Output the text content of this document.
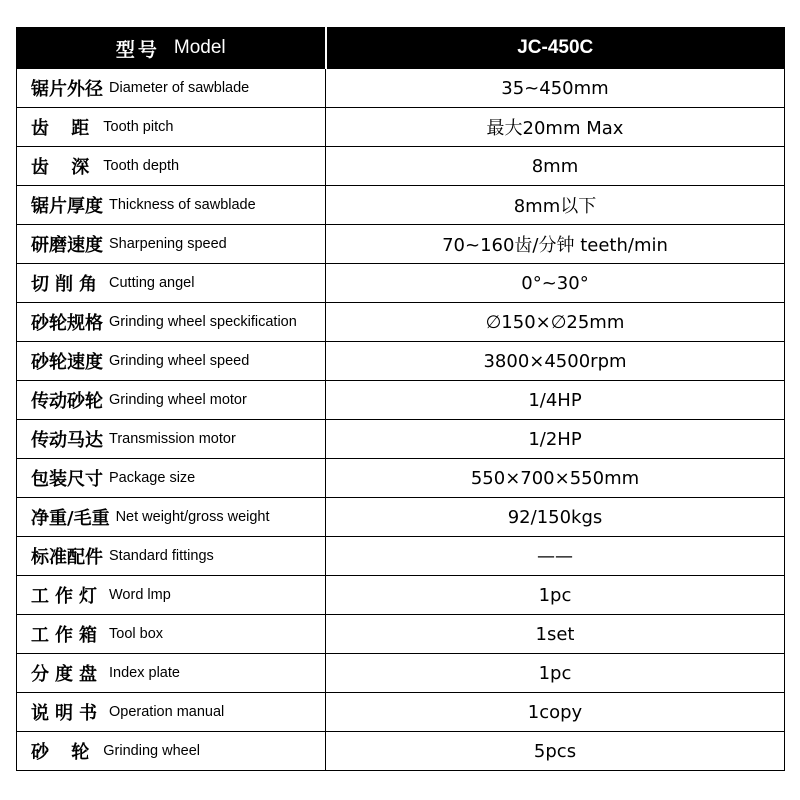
型号 Model	JC-450C
锯片外径 Diameter of sawblade	35~450mm
齿 距 Tooth pitch	最大20mm Max
齿 深 Tooth depth	8mm
锯片厚度 Thickness of sawblade	8mm以下
研磨速度 Sharpening speed	70~160齿/分钟 teeth/min
切削角 Cutting angel	0°~30°
砂轮规格 Grinding wheel speckification	∅150×∅25mm
砂轮速度 Grinding wheel speed	3800×4500rpm
传动砂轮 Grinding wheel motor	1/4HP
传动马达 Transmission motor	1/2HP
包装尺寸 Package size	550×700×550mm
净重/毛重 Net weight/gross weight	92/150kgs
标准配件 Standard fittings	——
工作灯 Word lmp	1pc
工作箱 Tool box	1set
分度盘 Index plate	1pc
说明书 Operation manual	1copy
砂 轮 Grinding wheel	5pcs
